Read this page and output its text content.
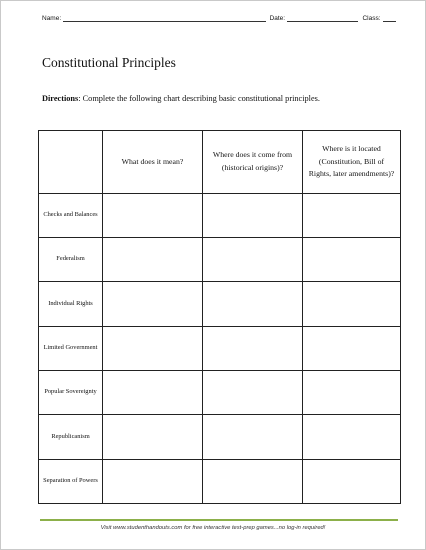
Name:	Date:	Class:
Constitutional Principles
Directions: Complete the following chart describing basic constitutional principles.
	What does it mean?	Where does it come from (historical origins)?	Where is it located (Constitution, Bill of Rights, later amendments)?
Checks and Balances			
Federalism			
Individual Rights			
Limited Government			
Popular Sovereignty			
Republicanism			
Separation of Powers			
Visit www.studenthandouts.com for free interactive test-prep games...no log-in required!
